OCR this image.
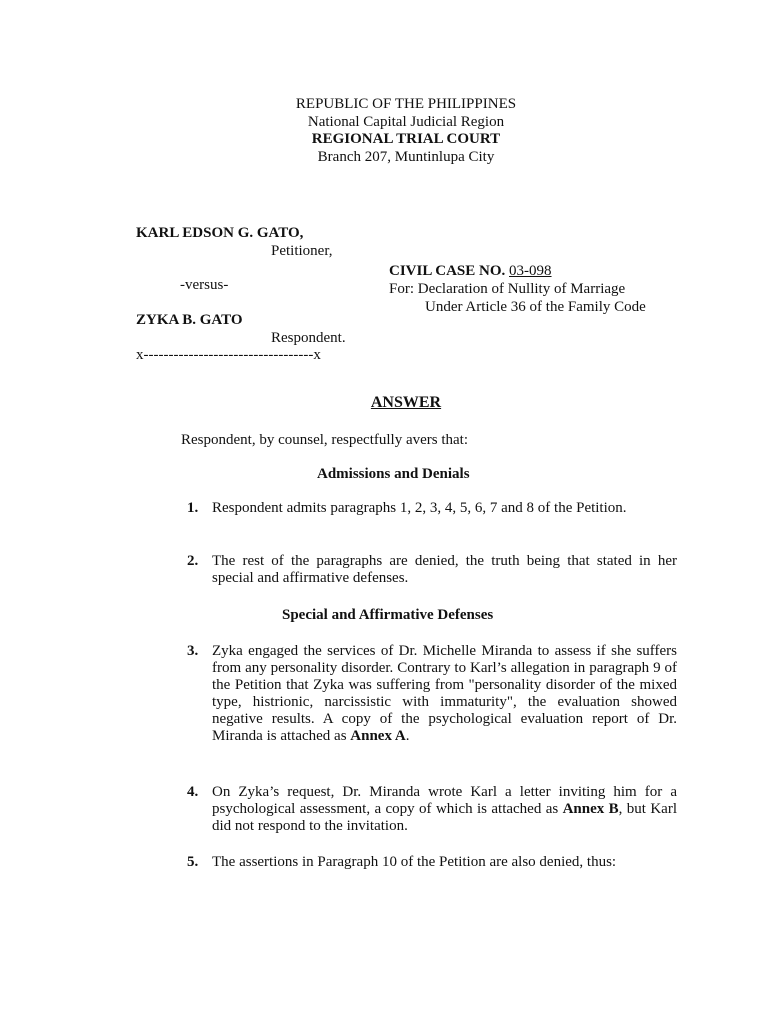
REPUBLIC OF THE PHILIPPINES
National Capital Judicial Region
REGIONAL TRIAL COURT
Branch 207, Muntinlupa City
KARL EDSON G. GATO,
Petitioner,
-versus-
ZYKA B. GATO
Respondent.
x----------------------------------x
CIVIL CASE NO. 03-098
For: Declaration of Nullity of Marriage
Under Article 36 of the Family Code
ANSWER
Respondent, by counsel, respectfully avers that:
Admissions and Denials
1. Respondent admits paragraphs 1, 2, 3, 4, 5, 6, 7 and 8 of the Petition.
2. The rest of the paragraphs are denied, the truth being that stated in her special and affirmative defenses.
Special and Affirmative Defenses
3. Zyka engaged the services of Dr. Michelle Miranda to assess if she suffers from any personality disorder. Contrary to Karl’s allegation in paragraph 9 of the Petition that Zyka was suffering from "personality disorder of the mixed type, histrionic, narcissistic with immaturity", the evaluation showed negative results. A copy of the psychological evaluation report of Dr. Miranda is attached as Annex A.
4. On Zyka’s request, Dr. Miranda wrote Karl a letter inviting him for a psychological assessment, a copy of which is attached as Annex B, but Karl did not respond to the invitation.
5. The assertions in Paragraph 10 of the Petition are also denied, thus:
